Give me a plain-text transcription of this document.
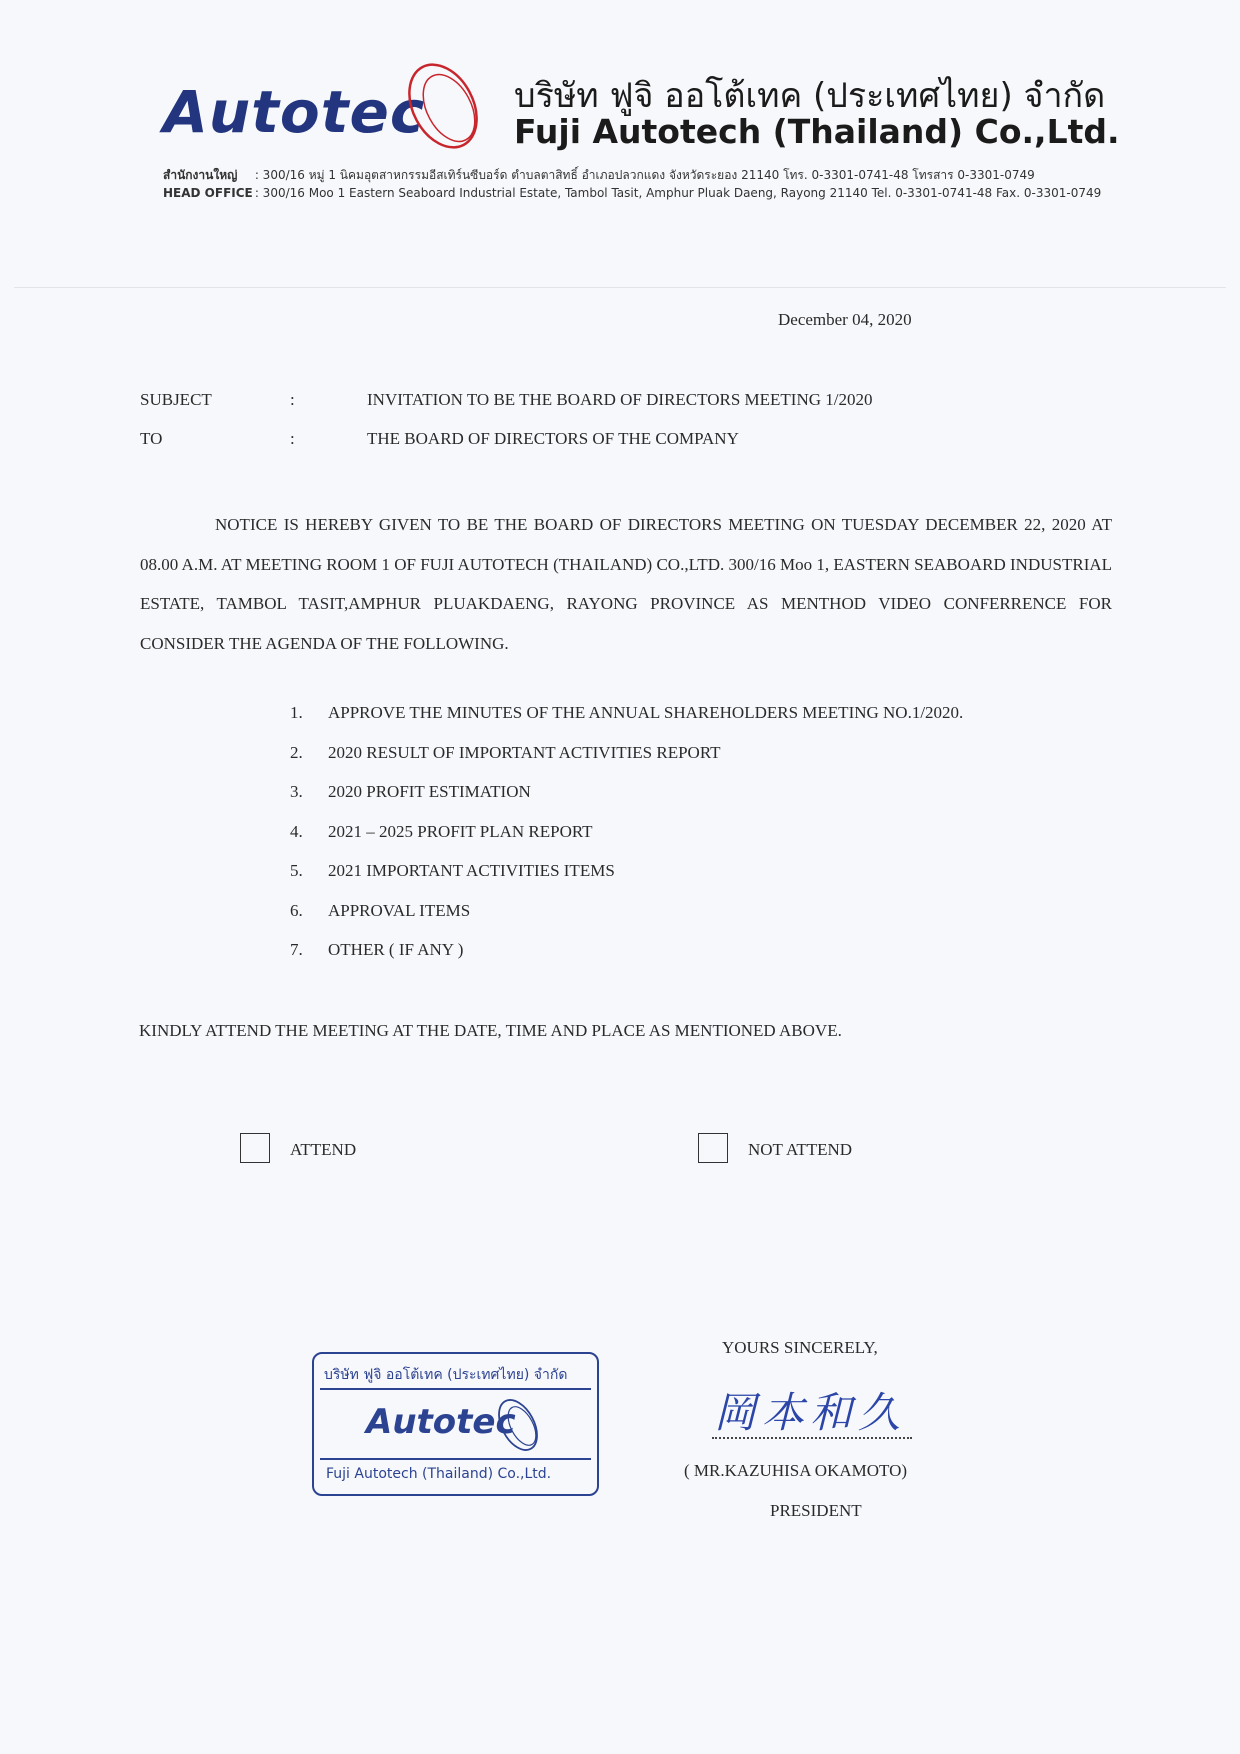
Autotec	บริษัท ฟูจิ ออโต้เทค (ประเทศไทย) จำกัด
Fuji Autotech (Thailand) Co.,Ltd.
สำนักงานใหญ่ : 300/16 หมู่ 1 นิคมอุตสาหกรรมอีสเทิร์นซีบอร์ด ตำบลตาสิทธิ์ อำเภอปลวกแดง จังหวัดระยอง 21140 โทร. 0-3301-0741-48 โทรสาร 0-3301-0749
HEAD OFFICE : 300/16 Moo 1 Eastern Seaboard Industrial Estate, Tambol Tasit, Amphur Pluak Daeng, Rayong 21140 Tel. 0-3301-0741-48 Fax. 0-3301-0749
December 04, 2020
SUBJECT	:	INVITATION TO BE THE BOARD OF DIRECTORS MEETING 1/2020
TO	:	THE BOARD OF DIRECTORS OF THE COMPANY

NOTICE IS HEREBY GIVEN TO BE THE BOARD OF DIRECTORS MEETING ON TUESDAY DECEMBER 22, 2020 AT 08.00 A.M. AT MEETING ROOM 1 OF FUJI AUTOTECH (THAILAND) CO.,LTD. 300/16 Moo 1, EASTERN SEABOARD INDUSTRIAL ESTATE, TAMBOL TASIT,AMPHUR PLUAKDAENG, RAYONG PROVINCE AS MENTHOD VIDEO CONFERRENCE FOR CONSIDER THE AGENDA OF THE FOLLOWING.

1. APPROVE THE MINUTES OF THE ANNUAL SHAREHOLDERS MEETING NO.1/2020.
2. 2020 RESULT OF IMPORTANT ACTIVITIES REPORT
3. 2020 PROFIT ESTIMATION
4. 2021 – 2025 PROFIT PLAN REPORT
5. 2021 IMPORTANT ACTIVITIES ITEMS
6. APPROVAL ITEMS
7. OTHER ( IF ANY )
KINDLY ATTEND THE MEETING AT THE DATE, TIME AND PLACE AS MENTIONED ABOVE.
ATTEND	NOT ATTEND
บริษัท ฟูจิ ออโต้เทค (ประเทศไทย) จำกัด
Autotec
Fuji Autotech (Thailand) Co.,Ltd.
YOURS SINCERELY,
岡本和久
( MR.KAZUHISA OKAMOTO)
PRESIDENT
